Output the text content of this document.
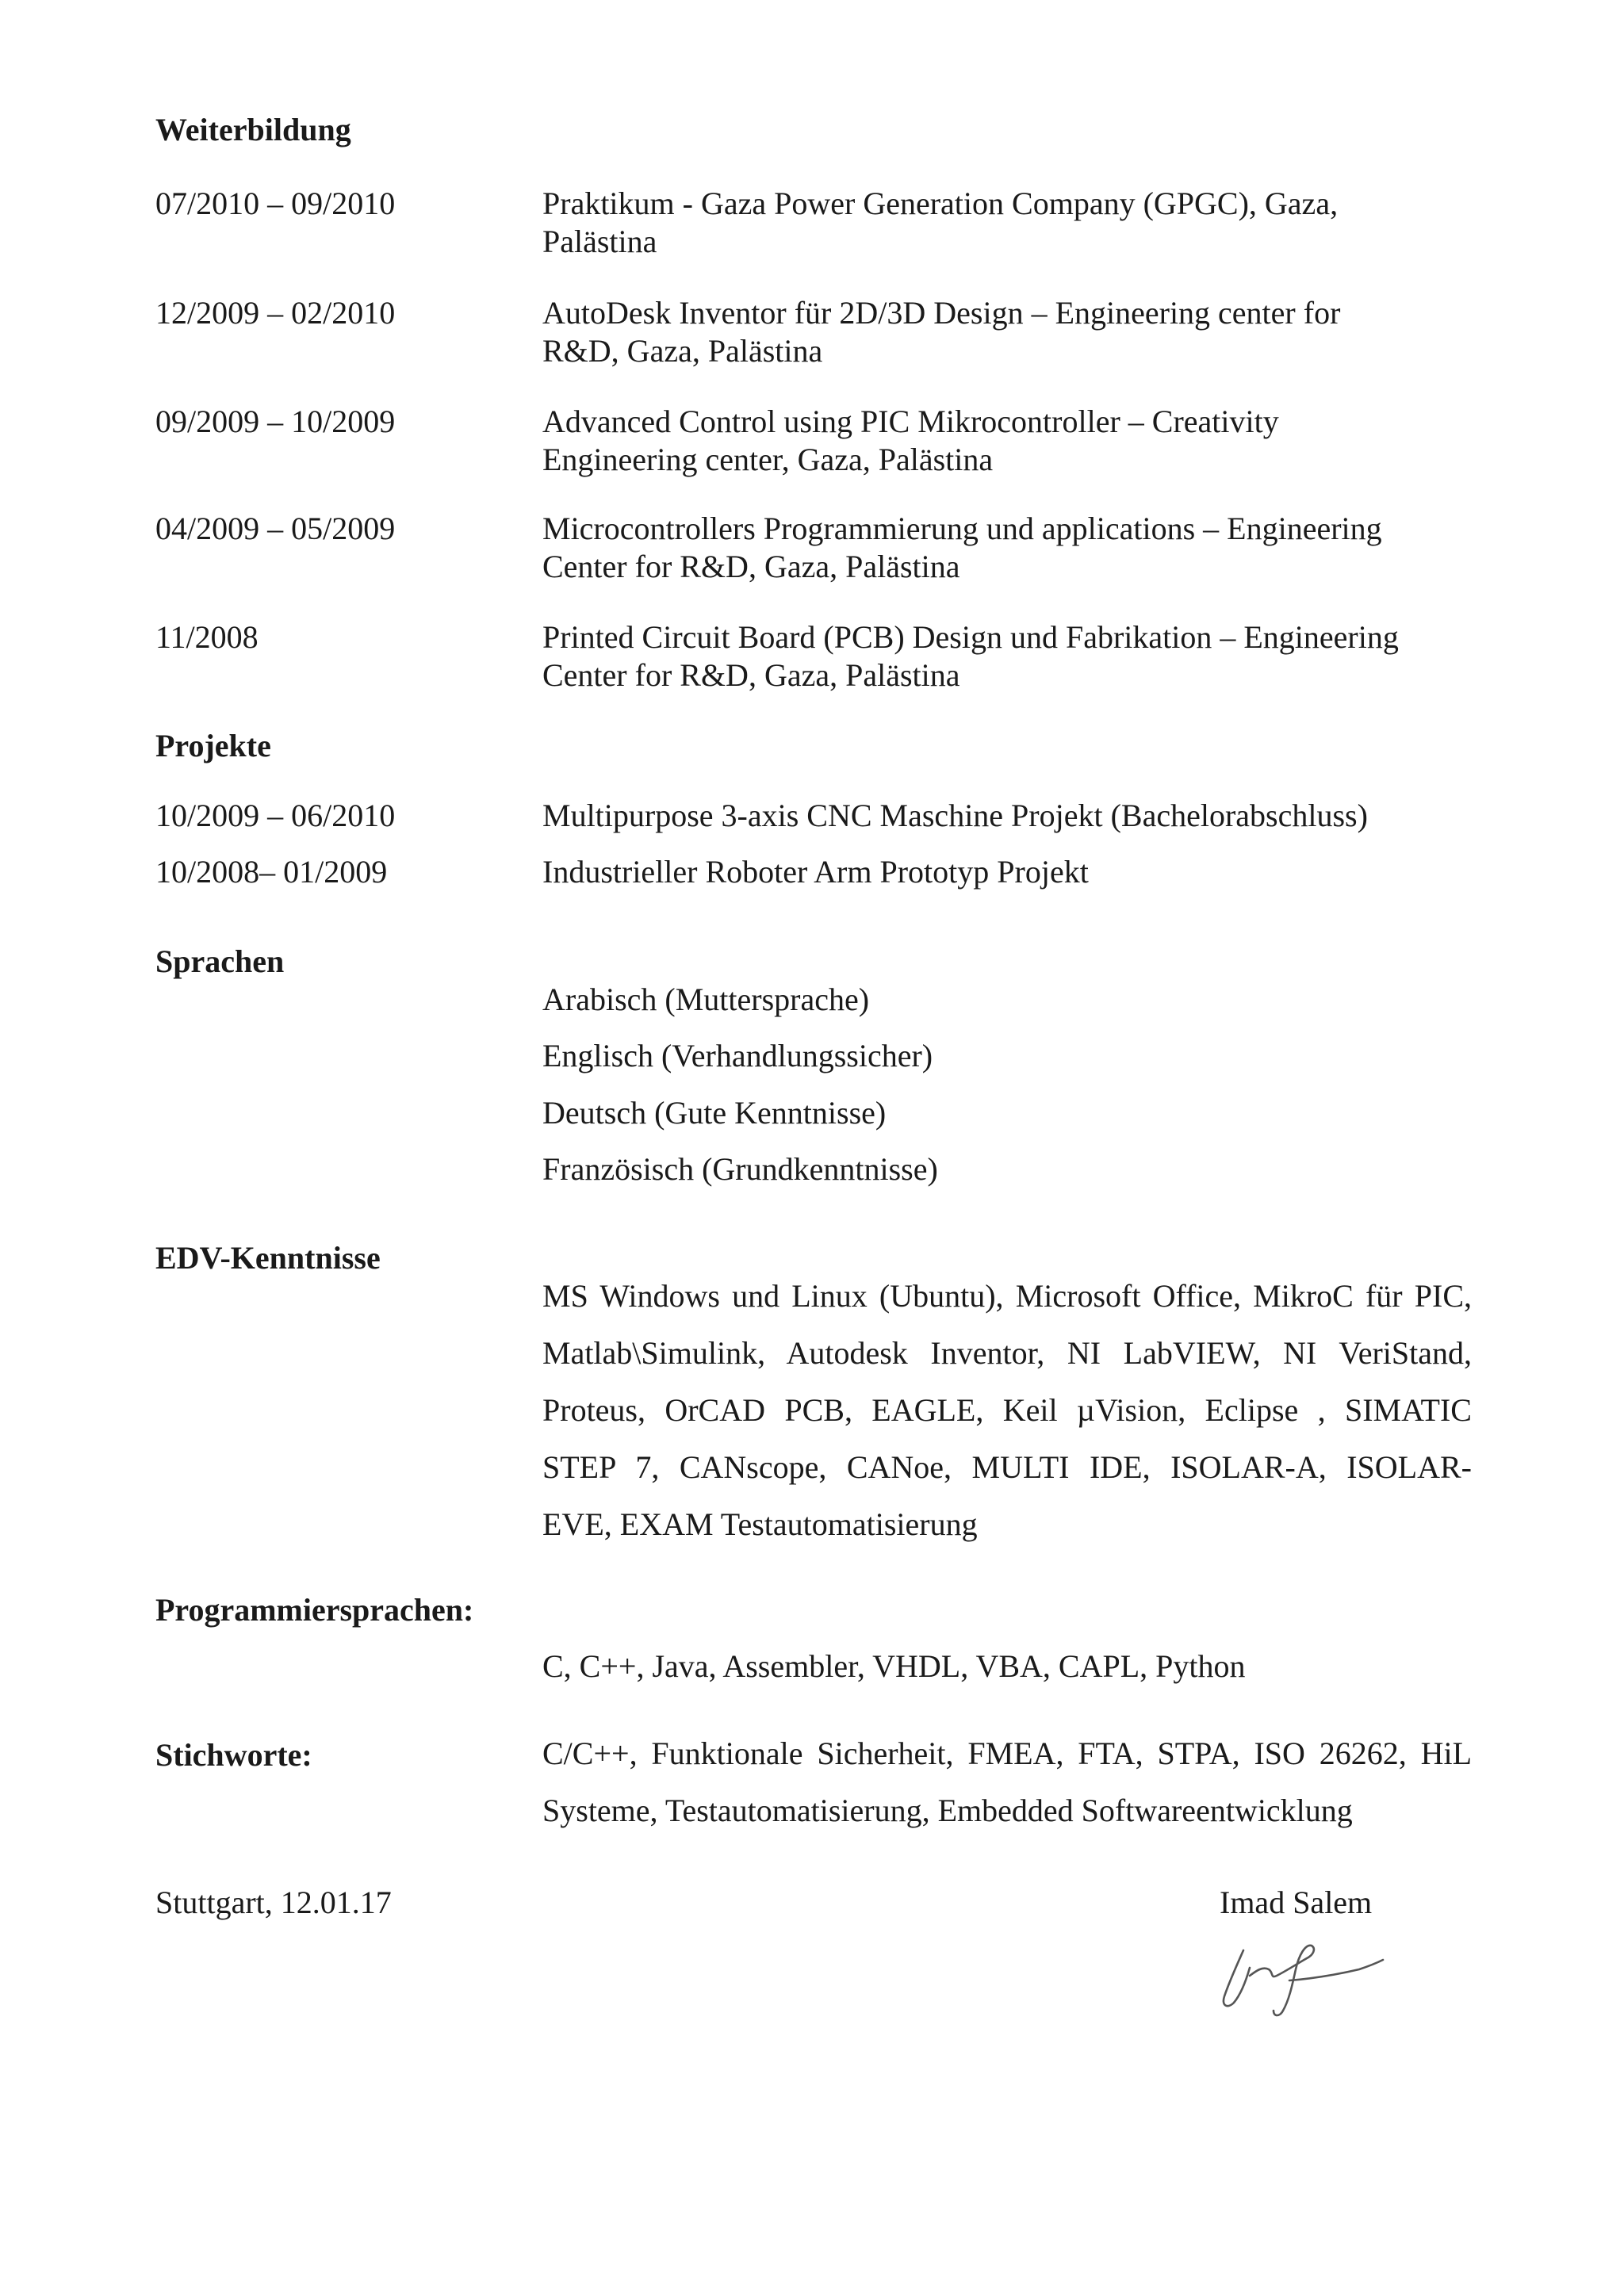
Weiterbildung
07/2010 – 09/2010	Praktikum - Gaza Power Generation Company (GPGC), Gaza,
Palästina
12/2009 – 02/2010	AutoDesk Inventor für 2D/3D Design – Engineering center for
R&D, Gaza, Palästina
09/2009 – 10/2009	Advanced Control using PIC Mikrocontroller – Creativity
Engineering center, Gaza, Palästina
04/2009 – 05/2009	Microcontrollers Programmierung und applications – Engineering
Center for R&D, Gaza, Palästina
11/2008	Printed Circuit Board (PCB) Design und Fabrikation – Engineering
Center for R&D, Gaza, Palästina
Projekte
10/2009 – 06/2010	Multipurpose 3-axis CNC Maschine Projekt (Bachelorabschluss)
10/2008– 01/2009	Industrieller Roboter Arm Prototyp Projekt
Sprachen
Arabisch (Muttersprache)
Englisch (Verhandlungssicher)
Deutsch (Gute Kenntnisse)
Französisch (Grundkenntnisse)
EDV-Kenntnisse
MS Windows und Linux (Ubuntu), Microsoft Office, MikroC für PIC,
Matlab\Simulink, Autodesk Inventor, NI LabVIEW, NI VeriStand,
Proteus, OrCAD PCB, EAGLE, Keil µVision, Eclipse , SIMATIC
STEP 7, CANscope, CANoe, MULTI IDE, ISOLAR-A, ISOLAR-
EVE, EXAM Testautomatisierung
Programmiersprachen:
C, C++, Java, Assembler, VHDL, VBA, CAPL, Python
Stichworte:	C/C++, Funktionale Sicherheit, FMEA, FTA, STPA, ISO 26262, HiL
Systeme, Testautomatisierung, Embedded Softwareentwicklung
Stuttgart, 12.01.17	Imad Salem
